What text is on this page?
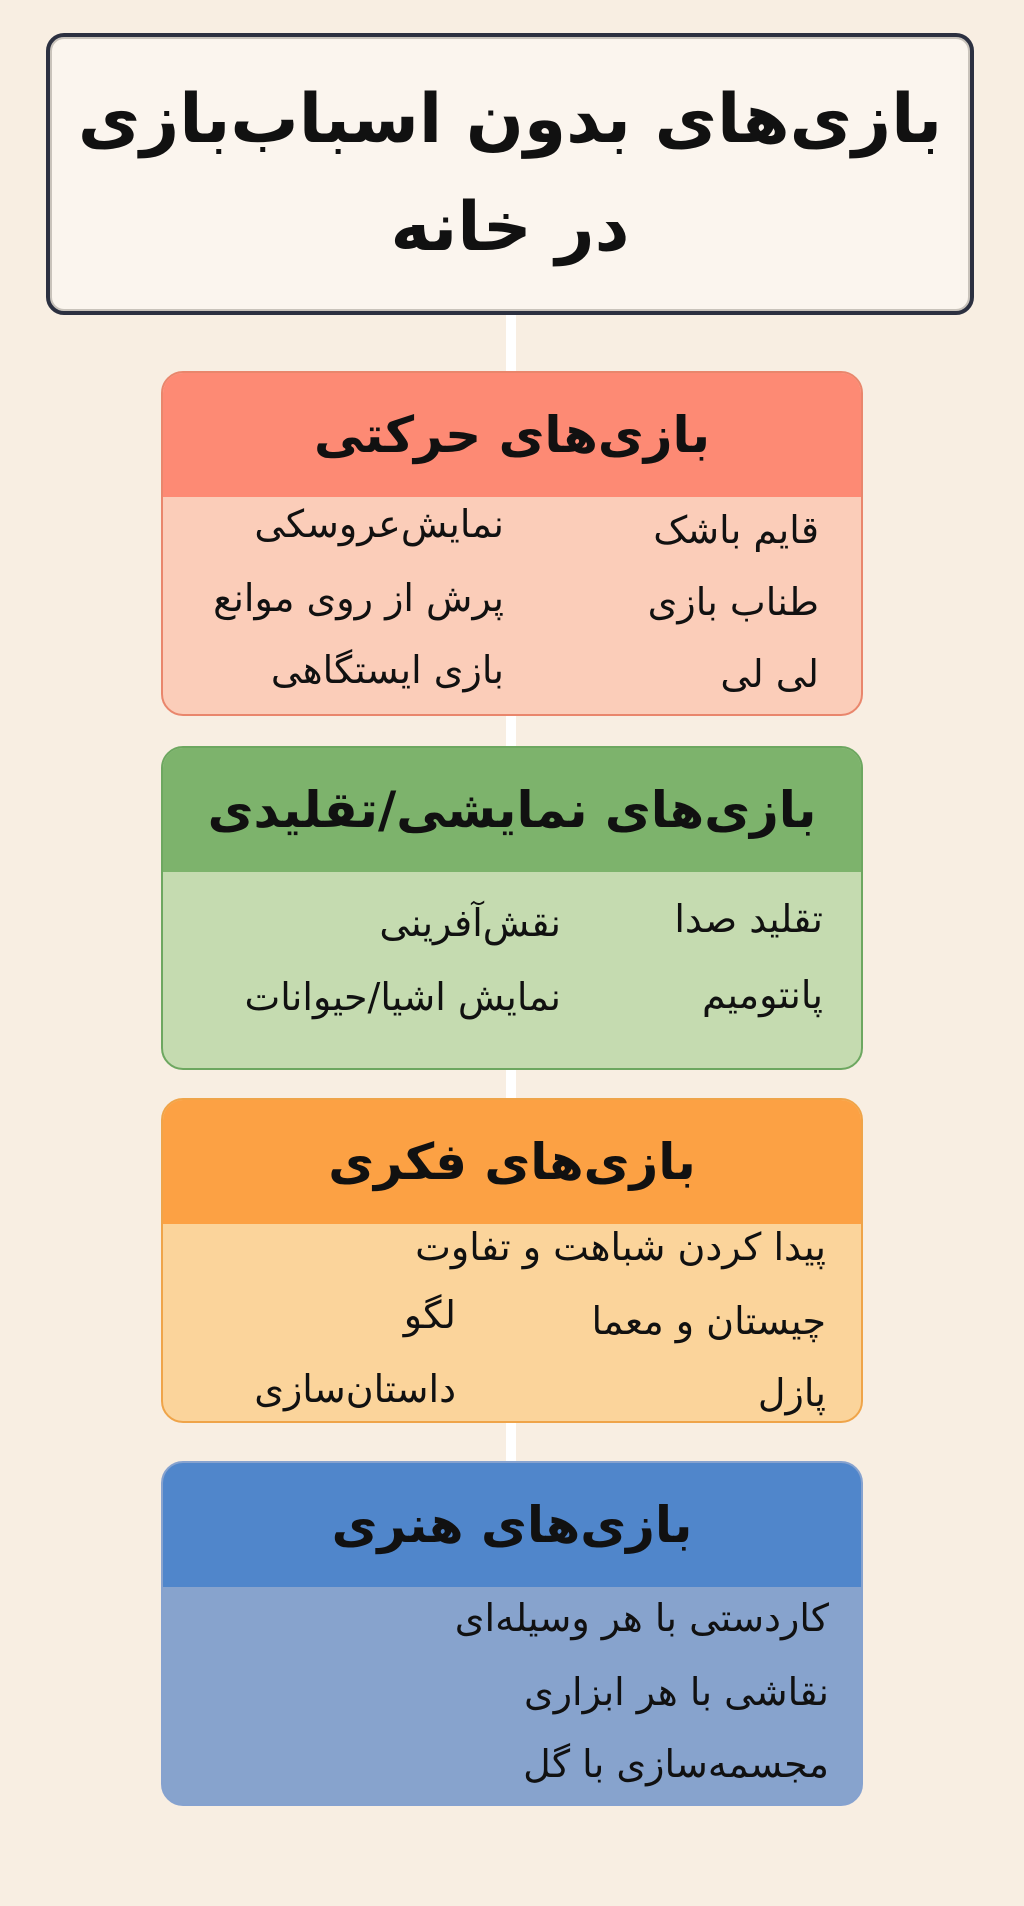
بازی‌های بدون اسباب‌بازی
در خانه
بازی‌های حرکتی
قایم باشک
طناب بازی
لی لی
نمایش‌عروسکی
پرش از روی موانع
بازی ایستگاهی
بازی‌های نمایشی/تقلیدی
تقلید صدا
پانتومیم
نقش‌آفرینی
نمایش اشیا/حیوانات
بازی‌های فکری
پیدا کردن شباهت و تفاوت
چیستان و معما
پازل
لگو
داستان‌سازی
بازی‌های هنری
کاردستی با هر وسیله‌ای
نقاشی با هر ابزاری
مجسمه‌سازی با گل
